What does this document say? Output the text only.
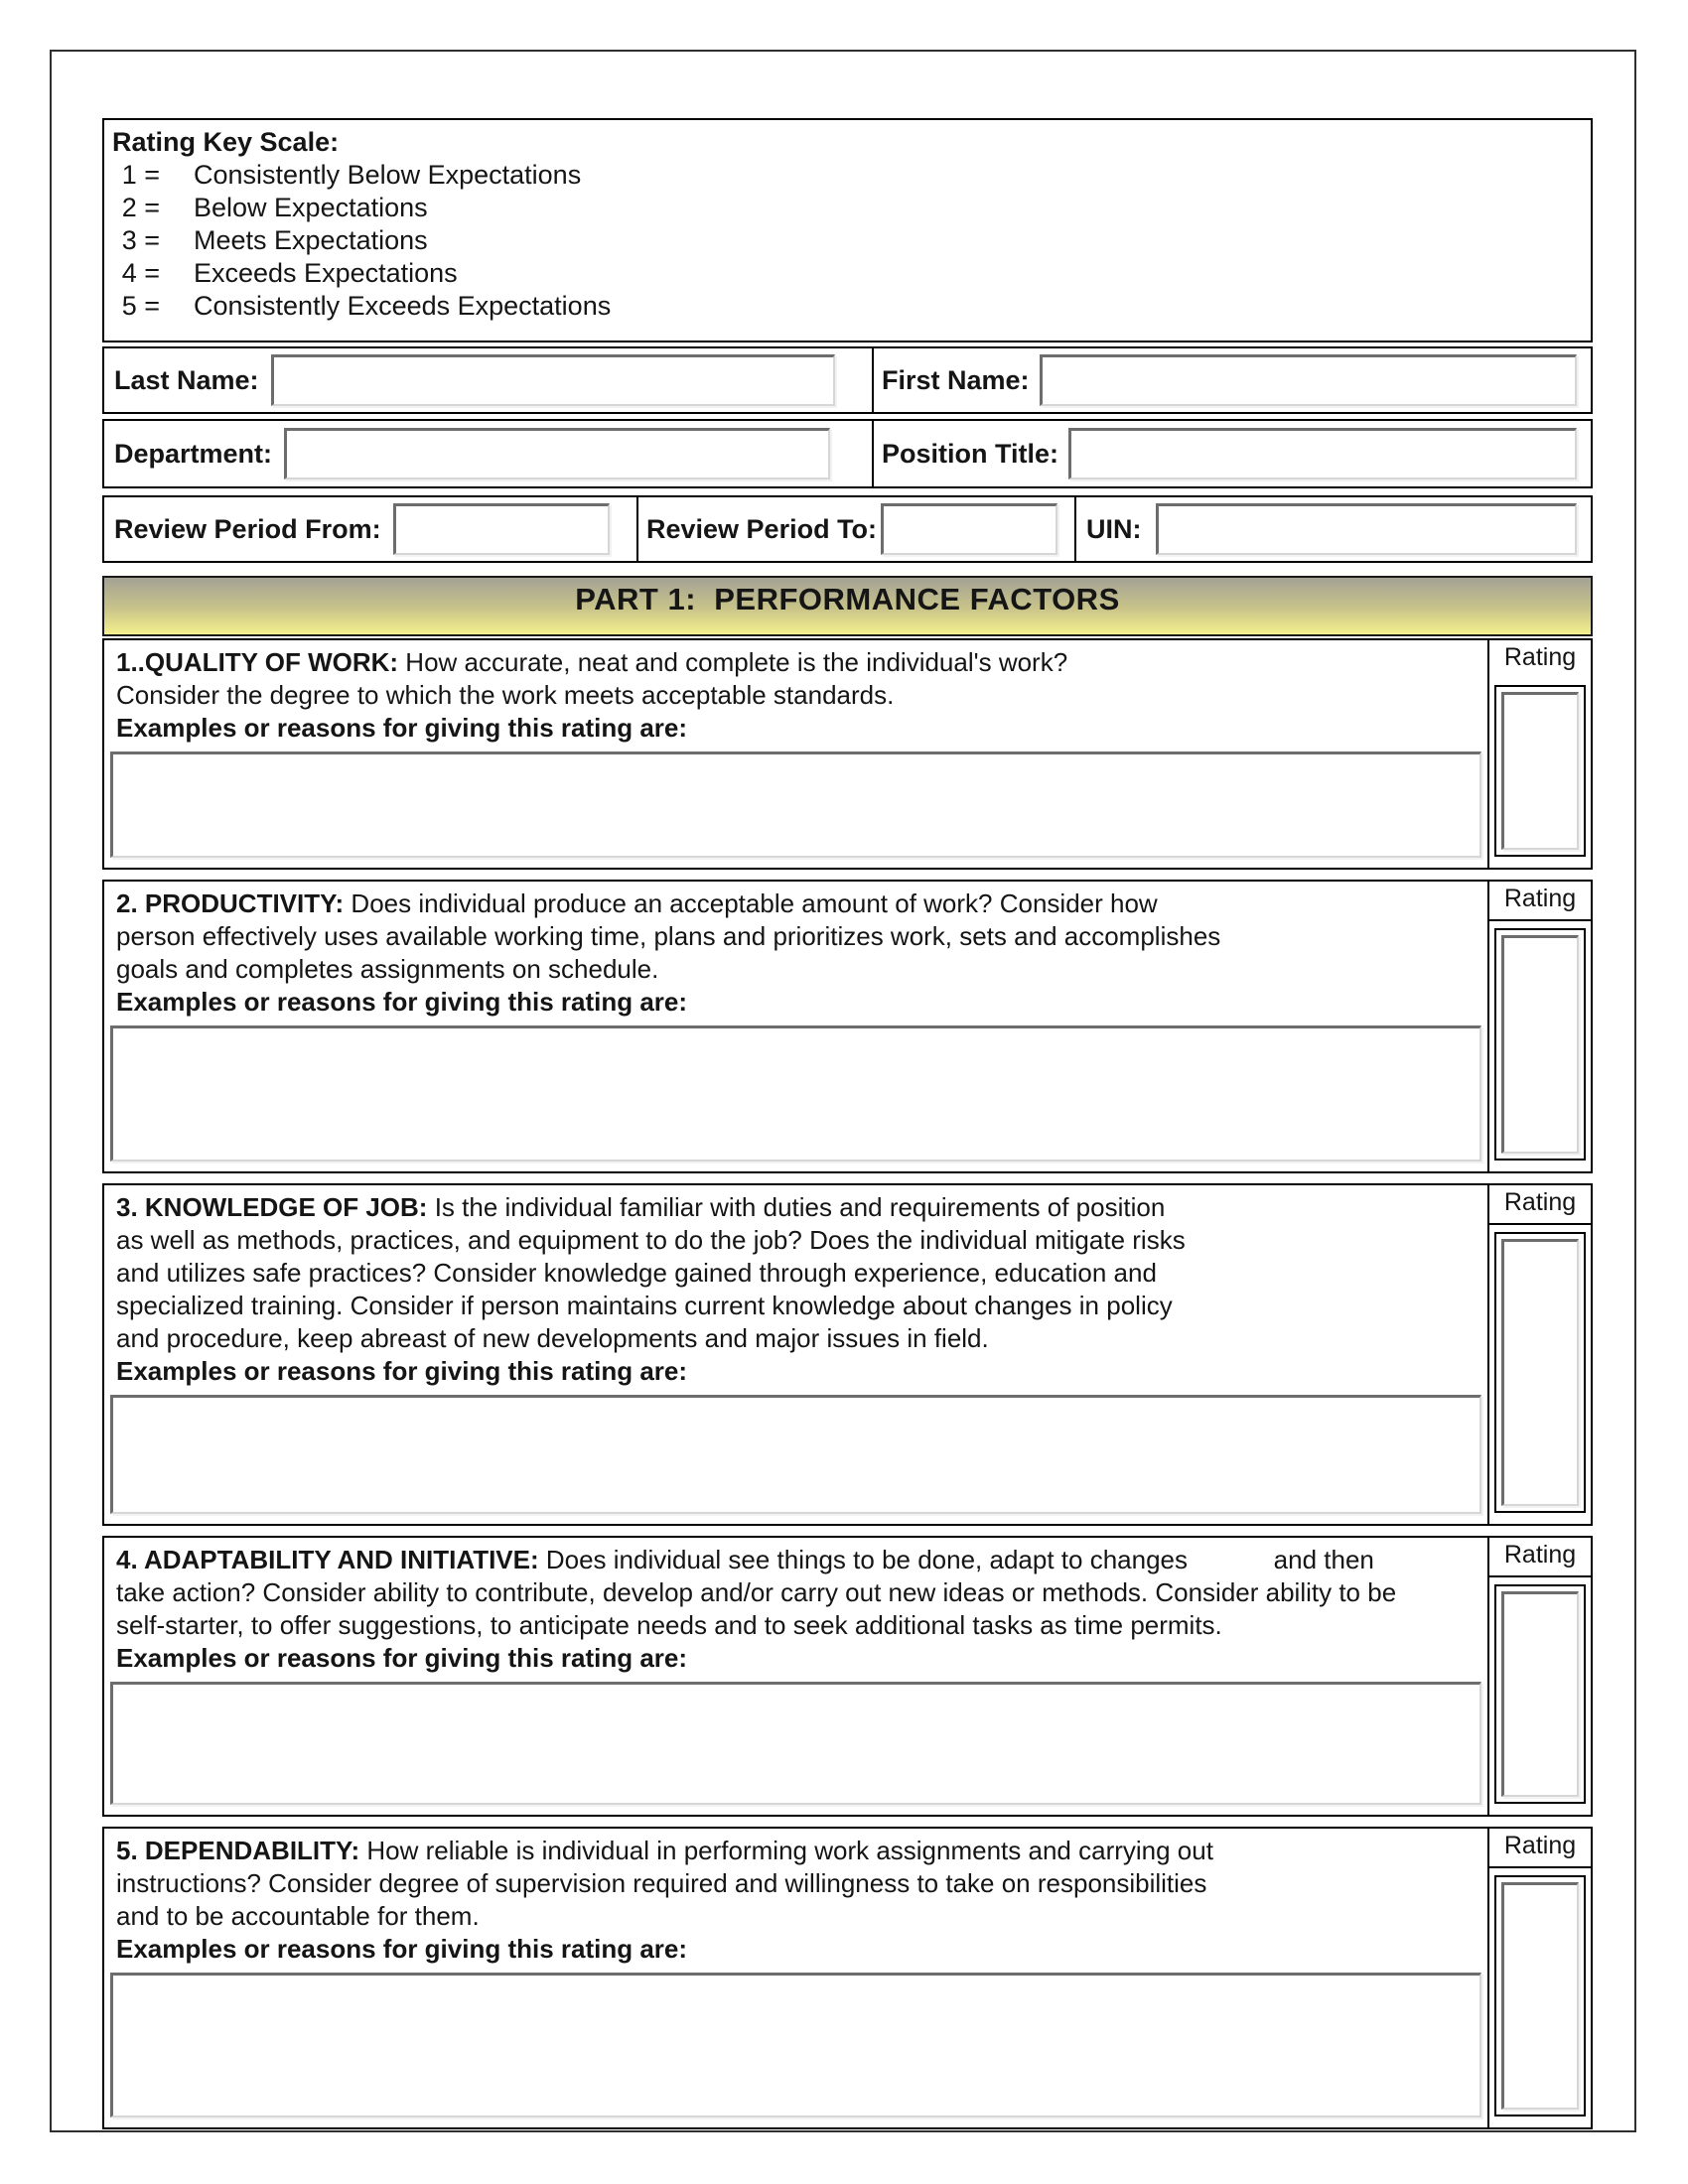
Rating Key Scale:
1 = Consistently Below Expectations
2 = Below Expectations
3 = Meets Expectations
4 = Exceeds Expectations
5 = Consistently Exceeds Expectations
Last Name:	First Name:
Department:	Position Title:
Review Period From:	Review Period To:	UIN:
PART 1:  PERFORMANCE FACTORS
1..QUALITY OF WORK: How accurate, neat and complete is the individual's work?
Consider the degree to which the work meets acceptable standards.
Examples or reasons for giving this rating are:
Rating
2. PRODUCTIVITY: Does individual produce an acceptable amount of work? Consider how
person effectively uses available working time, plans and prioritizes work, sets and accomplishes
goals and completes assignments on schedule.
Examples or reasons for giving this rating are:
Rating
3. KNOWLEDGE OF JOB: Is the individual familiar with duties and requirements of position
as well as methods, practices, and equipment to do the job? Does the individual mitigate risks
and utilizes safe practices? Consider knowledge gained through experience, education and
specialized training. Consider if person maintains current knowledge about changes in policy
and procedure, keep abreast of new developments and major issues in field.
Examples or reasons for giving this rating are:
Rating
4. ADAPTABILITY AND INITIATIVE: Does individual see things to be done, adapt to changes            and then
take action? Consider ability to contribute, develop and/or carry out new ideas or methods. Consider ability to be
self-starter, to offer suggestions, to anticipate needs and to seek additional tasks as time permits.
Examples or reasons for giving this rating are:
Rating
5. DEPENDABILITY: How reliable is individual in performing work assignments and carrying out
instructions? Consider degree of supervision required and willingness to take on responsibilities
and to be accountable for them.
Examples or reasons for giving this rating are:
Rating
